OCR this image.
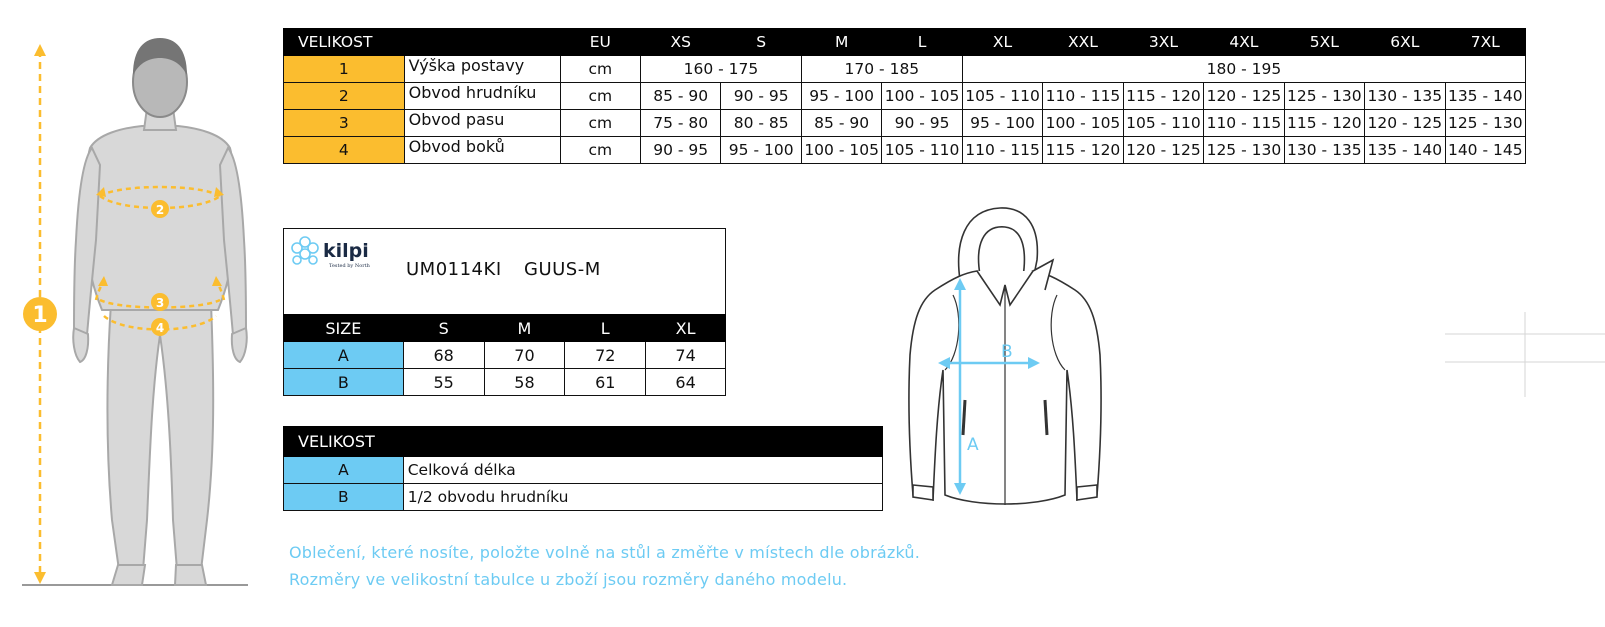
1
2
3
4
VELIKOST		EU	XS	S	M	L	XL	XXL	3XL	4XL	5XL	6XL	7XL
1	Výška postavy	cm	160 - 175		170 - 185		180 - 195						
2	Obvod hrudníku	cm	85 - 90	90 - 95	95 - 100	100 - 105	105 - 110	110 - 115	115 - 120	120 - 125	125 - 130	130 - 135	135 - 140
3	Obvod pasu	cm	75 - 80	80 - 85	85 - 90	90 - 95	95 - 100	100 - 105	105 - 110	110 - 115	115 - 120	120 - 125	125 - 130
4	Obvod boků	cm	90 - 95	95 - 100	100 - 105	105 - 110	110 - 115	115 - 120	120 - 125	125 - 130	130 - 135	135 - 140	140 - 145
kilpi
Tested by North UM0114KI GUUS-M
SIZE	S	M	L	XL
A	68	70	72	74
B	55	58	61	64
VELIKOST	
A	Celková délka
B	1/2 obvodu hrudníku
Oblečení, které nosíte, položte volně na stůl a změřte v místech dle obrázků.
Rozměry ve velikostní tabulce u zboží jsou rozměry daného modelu.
A
B
